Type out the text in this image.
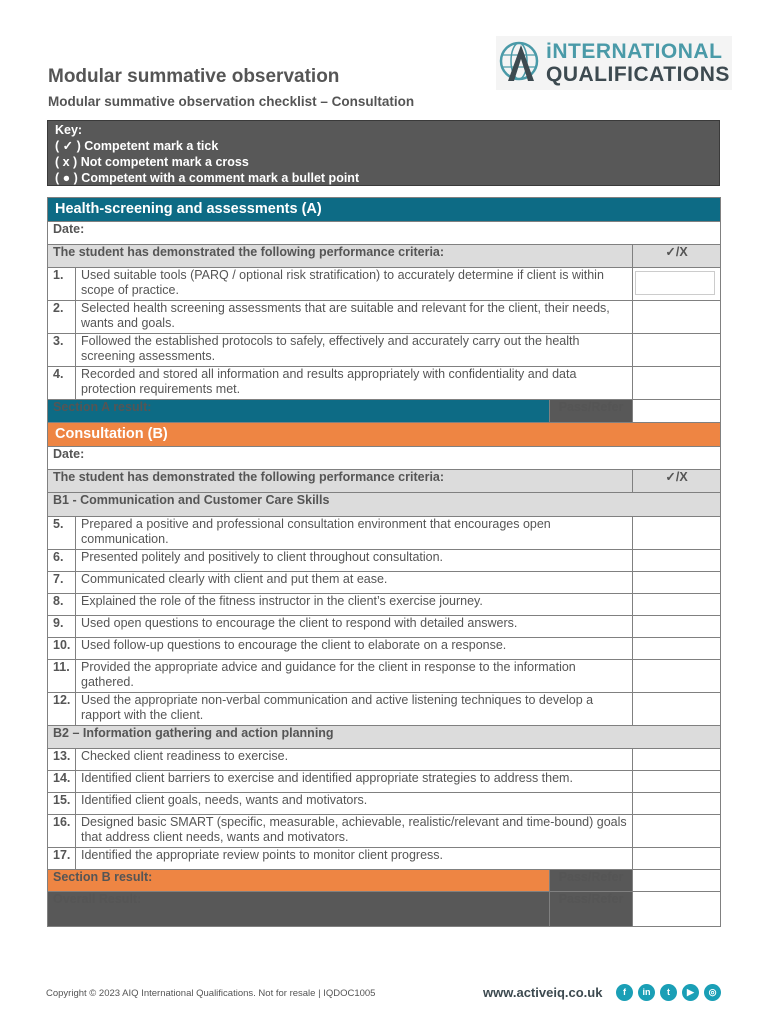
Modular summative observation
Modular summative observation checklist – Consultation
iNTERNATIONAL
QUALIFICATIONS
Key:
( ✓ ) Competent mark a tick
( x ) Not competent mark a cross
( ● ) Competent with a comment mark a bullet point
Health-screening and assessments (A)			
Date:			
The student has demonstrated the following performance criteria:			✓/X
1.	Used suitable tools (PARQ / optional risk stratification) to accurately determine if client is within scope of practice.		

2.	Selected health screening assessments that are suitable and relevant for the client, their needs, wants and goals.		
3.	Followed the established protocols to safely, effectively and accurately carry out the health screening assessments.		
4.	Recorded and stored all information and results appropriately with confidentiality and data protection requirements met.		
Section A result:		Pass/Refer	
Consultation (B)			
Date:			
The student has demonstrated the following performance criteria:			✓/X
B1 - Communication and Customer Care Skills			
5.	Prepared a positive and professional consultation environment that encourages open communication.		
6.	Presented politely and positively to client throughout consultation.		
7.	Communicated clearly with client and put them at ease.		
8.	Explained the role of the fitness instructor in the client’s exercise journey.		
9.	Used open questions to encourage the client to respond with detailed answers.		
10.	Used follow-up questions to encourage the client to elaborate on a response.		
11.	Provided the appropriate advice and guidance for the client in response to the information gathered.		
12.	Used the appropriate non-verbal communication and active listening techniques to develop a rapport with the client.		
B2 – Information gathering and action planning			
13.	Checked client readiness to exercise.		
14.	Identified client barriers to exercise and identified appropriate strategies to address them.		
15.	Identified client goals, needs, wants and motivators.		
16.	Designed basic SMART (specific, measurable, achievable, realistic/relevant and time-bound) goals that address client needs, wants and motivators.		
17.	Identified the appropriate review points to monitor client progress.		
Section B result:		Pass/Refer	
Overall Result:		Pass/Refer	
Copyright © 2023 AIQ International Qualifications. Not for resale | IQDOC1005	www.activeiq.co.uk	f	in	t	▶	◎
